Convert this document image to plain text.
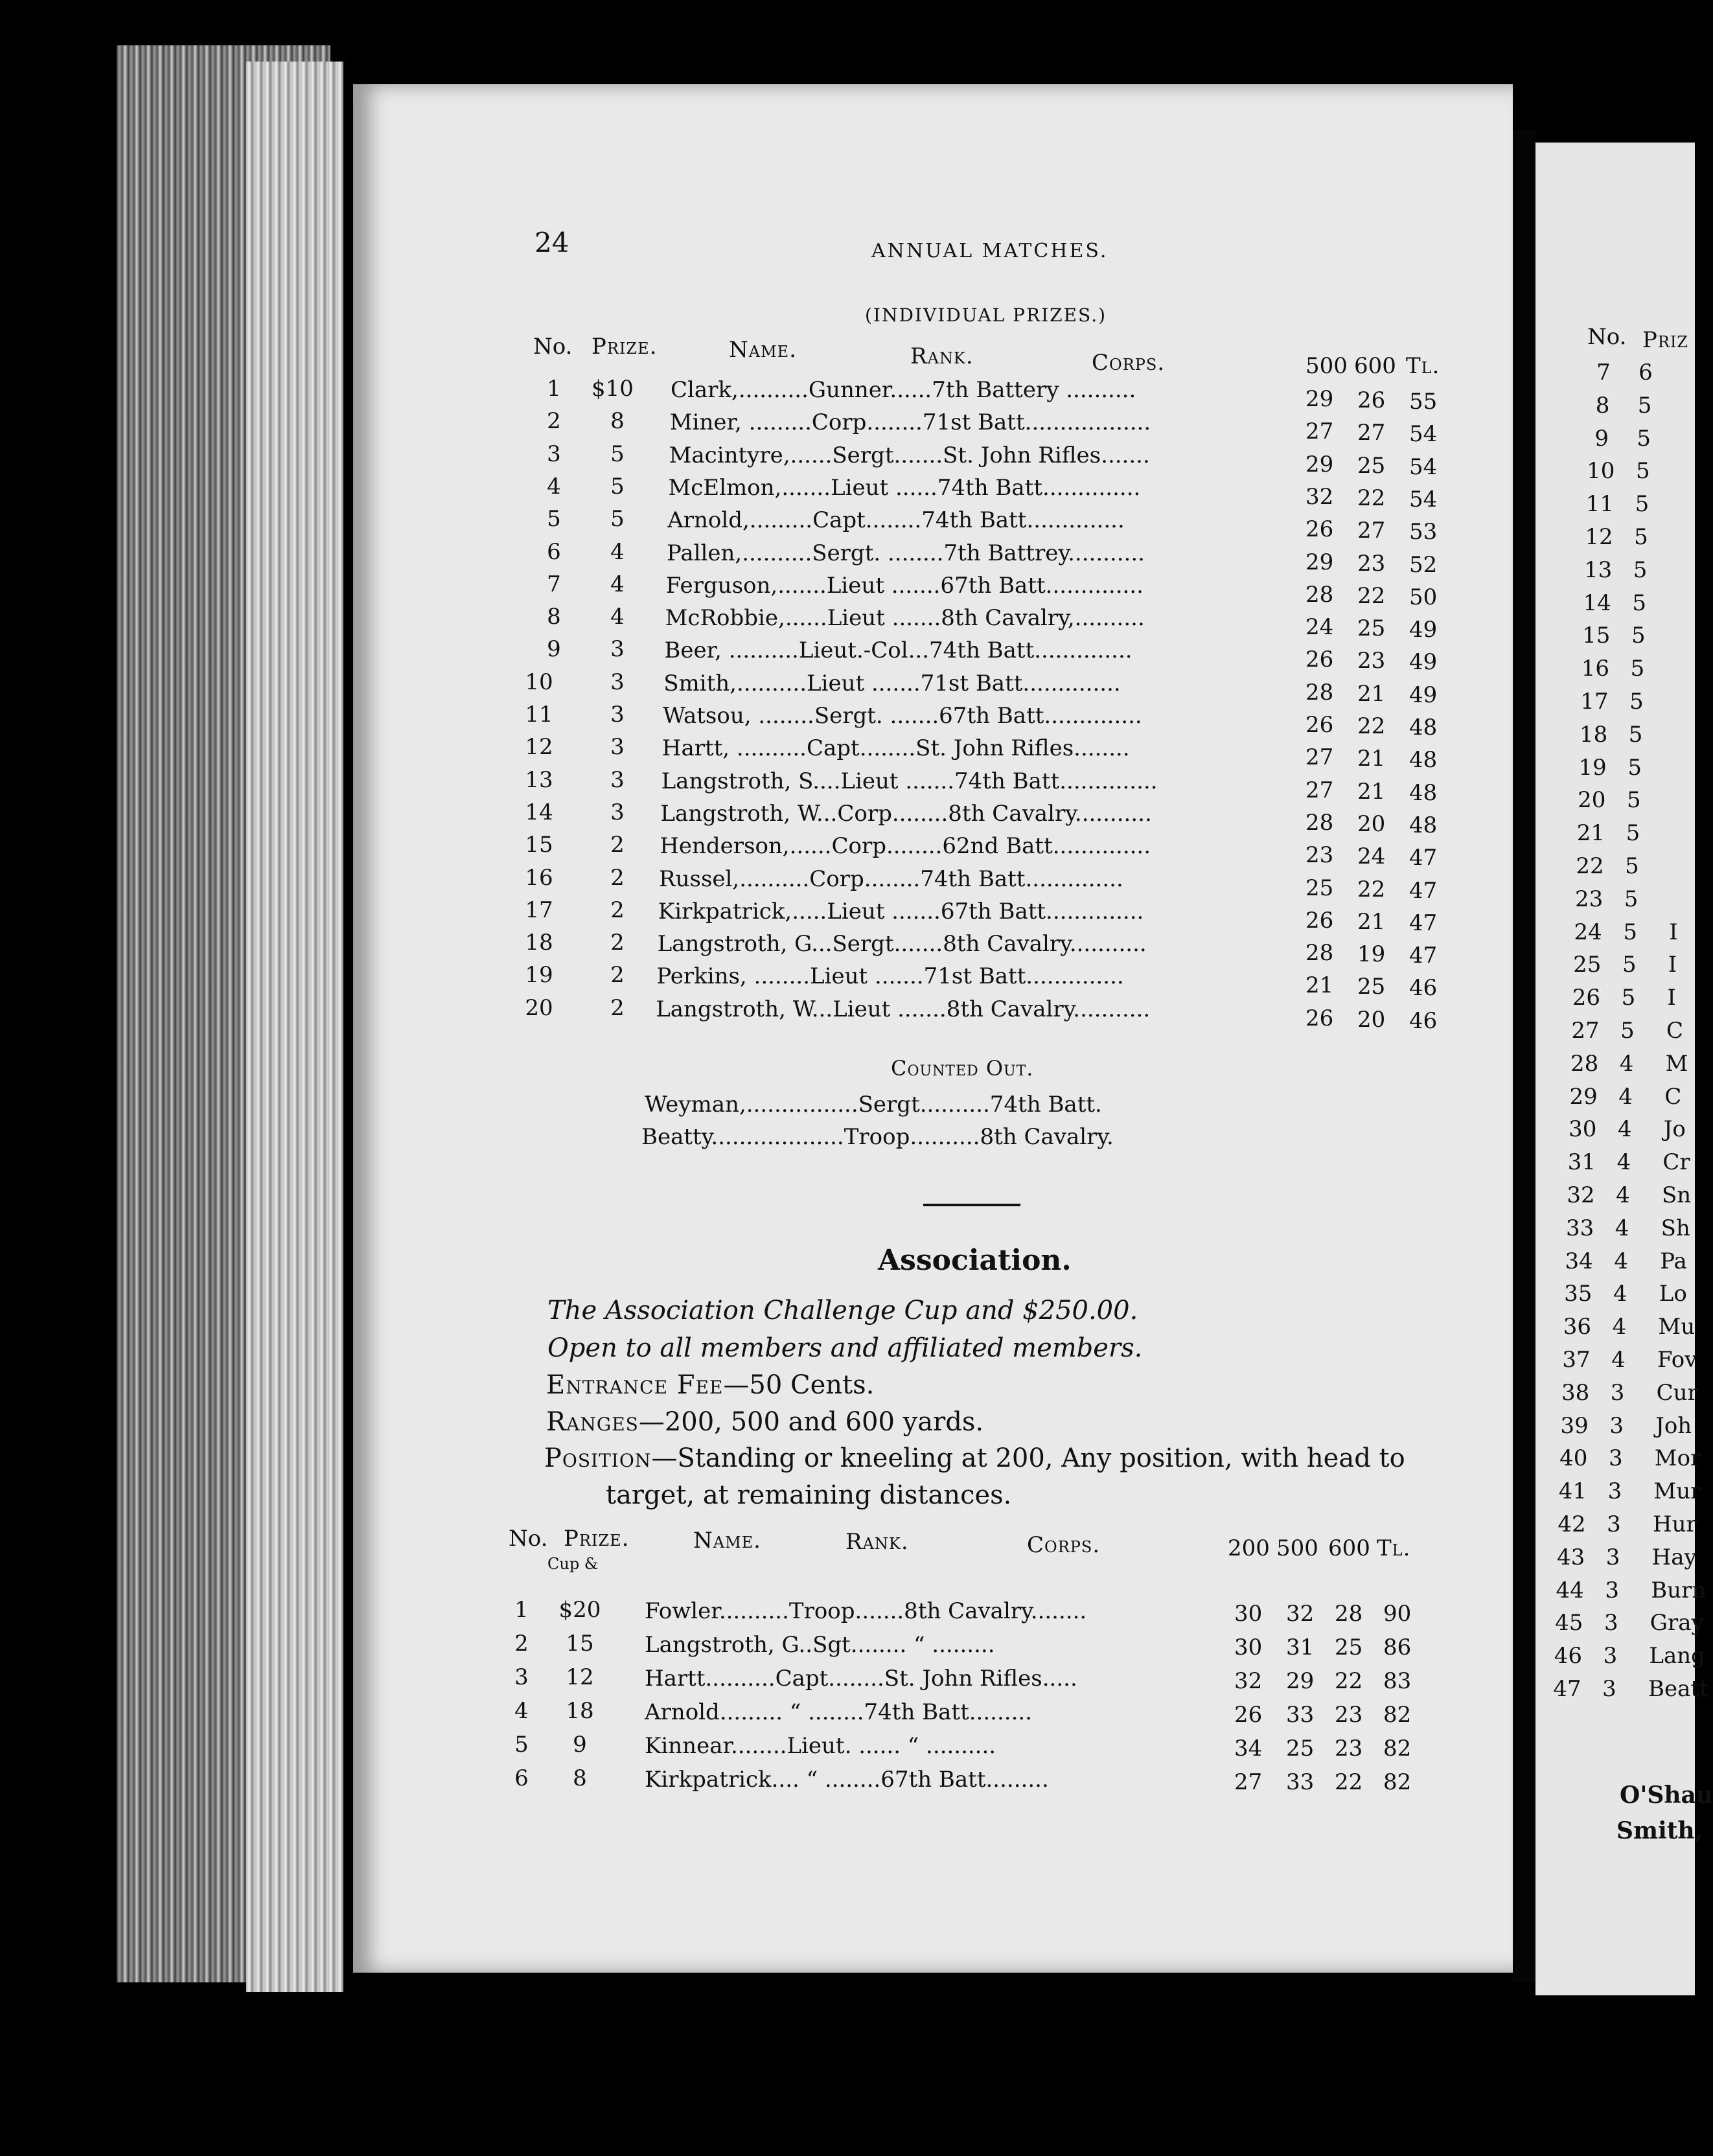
24	ANNUAL MATCHES.
(INDIVIDUAL PRIZES.)
No. Prize.	Name.	Rank.	Corps.	500 600 Tl.
1	$10 Clark,..........Gunner......7th Battery ..........	29 26 55
2	8	Miner, .........Corp........71st Batt..................	27 27 54
3	5	Macintyre,......Sergt.......St. John Rifles.......	29 25 54
4	5	McElmon,.......Lieut ......74th Batt..............	32 22 54
5	5	Arnold,.........Capt........74th Batt..............	26 27 53
6	4	Pallen,..........Sergt. ........7th Battrey...........	29 23 52
7	4	Ferguson,.......Lieut .......67th Batt..............	28 22 50
8	4	McRobbie,......Lieut .......8th Cavalry,..........	24 25 49
9	3	Beer, ..........Lieut.-Col...74th Batt..............	26 23 49
10	3	Smith,..........Lieut .......71st Batt..............	28 21 49
11	3	Watsou, ........Sergt. .......67th Batt..............	26 22 48
12	3	Hartt, ..........Capt........St. John Rifles........	27 21 48
13	3	Langstroth, S....Lieut .......74th Batt..............	27 21 48
14	3	Langstroth, W...Corp........8th Cavalry...........	28 20 48
15	2	Henderson,......Corp........62nd Batt..............	23 24 47
16	2	Russel,..........Corp........74th Batt..............	25 22 47
17	2	Kirkpatrick,.....Lieut .......67th Batt..............	26 21 47
18	2	Langstroth, G...Sergt.......8th Cavalry...........	28 19 47
19	2	Perkins, ........Lieut .......71st Batt..............	21 25 46
20	2	Langstroth, W...Lieut .......8th Cavalry...........	26 20 46
Counted Out.
Weyman,................Sergt..........74th Batt.
Beatty...................Troop..........8th Cavalry.
Association.
The Association Challenge Cup and $250.00.
Open to all members and affiliated members.
Entrance Fee—50 Cents.
Ranges—200, 500 and 600 yards.
Position—Standing or kneeling at 200, Any position, with head to
target, at remaining distances.
No. Prize.
Cup &
Name.	Rank.	Corps.	200 500 600 Tl.
1 $20 Fowler..........Troop.......8th Cavalry........	30 32 28 90
2	15	Langstroth, G..Sgt........ “ .........	30 31 25 86
3	12	Hartt..........Capt........St. John Rifles.....	32 29 22 83
4	18	Arnold......... “ ........74th Batt.........	26 33 23 82
5	9	Kinnear........Lieut. ...... “ ..........	34 25 23 82
6	8	Kirkpatrick.... “ ........67th Batt.........	27 33 22 82
No. Priz
7	6
8	5
9	5
10 5
11 5
12 5
13 5
14 5
15 5
16 5
17 5
18 5
19 5
20 5
21 5
22 5
23 5
24 5 I
25 5 I
26 5 I
27 5 C
28 4 M
29 4 C
30 4 Jo
31 4 Cr
32 4 Sn
33 4 Sh
34 4 Pa
35 4 Lo
36 4 Mu
37 4 Fov
38 3 Cur
39 3 Joh
40 3 Mor
41 3 Mur
42 3 Hur
43 3 Hay
44 3 Burn
45 3 Gray
46 3 Lang
47 3 Beatt
O'Shau
Smith,
